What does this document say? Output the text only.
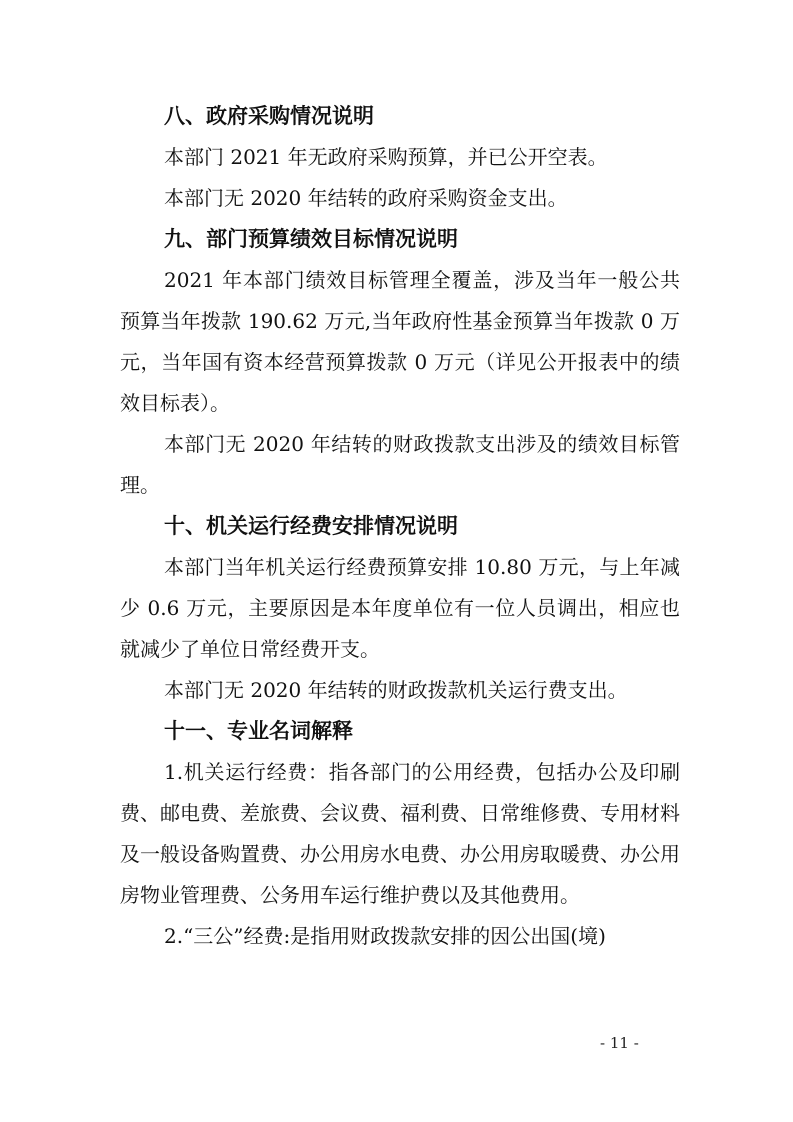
八、政府采购情况说明

本部门 2021 年无政府采购预算，并已公开空表。

本部门无 2020 年结转的政府采购资金支出。

九、部门预算绩效目标情况说明

2021 年本部门绩效目标管理全覆盖，涉及当年一般公共预算当年拨款 190.62 万元,当年政府性基金预算当年拨款 0 万元，当年国有资本经营预算拨款 0 万元（详见公开报表中的绩效目标表）。

本部门无 2020 年结转的财政拨款支出涉及的绩效目标管理。

十、机关运行经费安排情况说明

本部门当年机关运行经费预算安排 10.80 万元，与上年减少 0.6 万元，主要原因是本年度单位有一位人员调出，相应也就减少了单位日常经费开支。

本部门无 2020 年结转的财政拨款机关运行费支出。

十一、专业名词解释

1.机关运行经费：指各部门的公用经费，包括办公及印刷费、邮电费、差旅费、会议费、福利费、日常维修费、专用材料及一般设备购置费、办公用房水电费、办公用房取暖费、办公用房物业管理费、公务用车运行维护费以及其他费用。

2.“三公”经费:是指用财政拨款安排的因公出国(境)

- 11 -
